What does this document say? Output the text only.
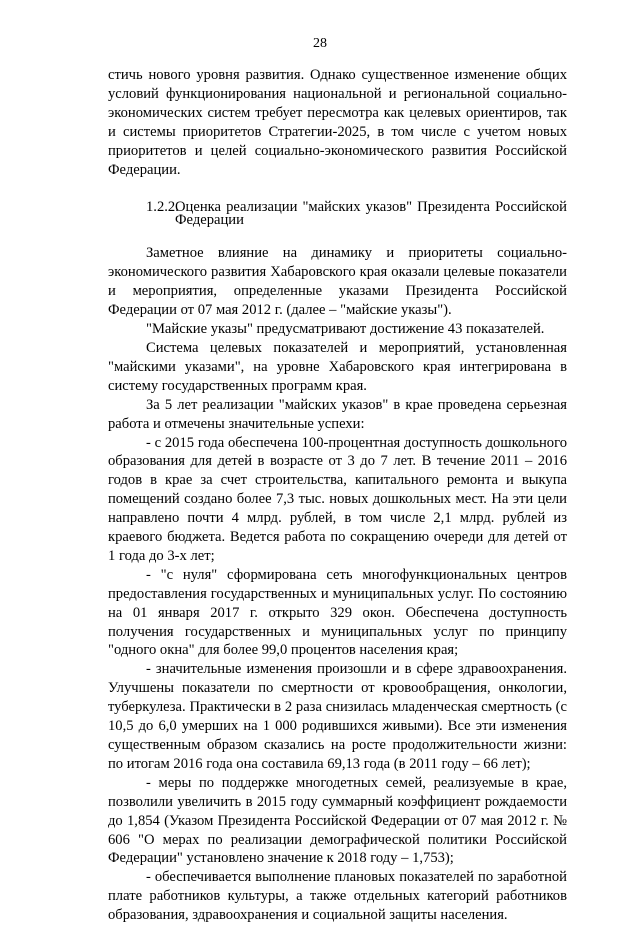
28

стичь нового уровня развития. Однако существенное изменение общих условий функционирования национальной и региональной социально-экономических систем требует пересмотра как целевых ориентиров, так и системы приоритетов Стратегии-2025, в том числе с учетом новых приоритетов и целей социально-экономического развития Российской Федерации.

1.2.2.
Оценка реализации "майских указов" Президента Российской Федерации

Заметное влияние на динамику и приоритеты социально-экономического развития Хабаровского края оказали целевые показатели и мероприятия, определенные указами Президента Российской Федерации от 07 мая 2012 г. (далее – "майские указы").

"Майские указы" предусматривают достижение 43 показателей.

Система целевых показателей и мероприятий, установленная "майскими указами", на уровне Хабаровского края интегрирована в систему государственных программ края.

За 5 лет реализации "майских указов" в крае проведена серьезная работа и отмечены значительные успехи:

- с 2015 года обеспечена 100-процентная доступность дошкольного образования для детей в возрасте от 3 до 7 лет. В течение 2011 – 2016 годов в крае за счет строительства, капитального ремонта и выкупа помещений создано более 7,3 тыс. новых дошкольных мест. На эти цели направлено почти 4 млрд. рублей, в том числе 2,1 млрд. рублей из краевого бюджета. Ведется работа по сокращению очереди для детей от 1 года до 3-х лет;

- "с нуля" сформирована сеть многофункциональных центров предоставления государственных и муниципальных услуг. По состоянию на 01 января 2017 г. открыто 329 окон. Обеспечена доступность получения государственных и муниципальных услуг по принципу "одного окна" для более 99,0 процентов населения края;

- значительные изменения произошли и в сфере здравоохранения. Улучшены показатели по смертности от кровообращения, онкологии, туберкулеза. Практически в 2 раза снизилась младенческая смертность (с 10,5 до 6,0 умерших на 1 000 родившихся живыми). Все эти изменения существенным образом сказались на росте продолжительности жизни: по итогам 2016 года она составила 69,13 года (в 2011 году – 66 лет);

- меры по поддержке многодетных семей, реализуемые в крае, позволили увеличить в 2015 году суммарный коэффициент рождаемости до 1,854 (Указом Президента Российской Федерации от 07 мая 2012 г. № 606 "О мерах по реализации демографической политики Российской Федерации" установлено значение к 2018 году – 1,753);

- обеспечивается выполнение плановых показателей по заработной плате работников культуры, а также отдельных категорий работников образования, здравоохранения и социальной защиты населения.
